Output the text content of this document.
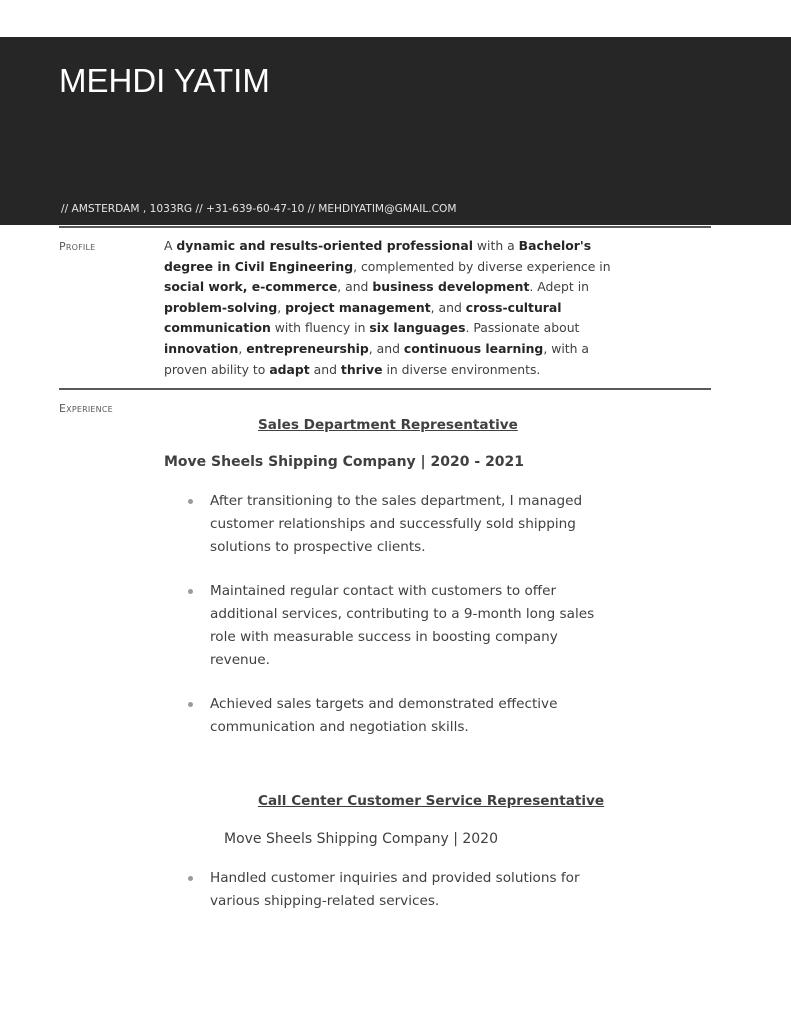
MEHDI YATIM
// AMSTERDAM , 1033RG // +31-639-60-47-10 // MEHDIYATIM@GMAIL.COM
Profile	A dynamic and results-oriented professional with a Bachelor's degree in Civil Engineering, complemented by diverse experience in social work, e-commerce, and business development. Adept in problem-solving, project management, and cross-cultural communication with fluency in six languages. Passionate about innovation, entrepreneurship, and continuous learning, with a proven ability to adapt and thrive in diverse environments.
Experience
Sales Department Representative
Move Sheels Shipping Company | 2020 - 2021
After transitioning to the sales department, I managed customer relationships and successfully sold shipping solutions to prospective clients.
Maintained regular contact with customers to offer additional services, contributing to a 9-month long sales role with measurable success in boosting company revenue.
Achieved sales targets and demonstrated effective communication and negotiation skills.
Call Center Customer Service Representative
Move Sheels Shipping Company | 2020
Handled customer inquiries and provided solutions for various shipping-related services.
